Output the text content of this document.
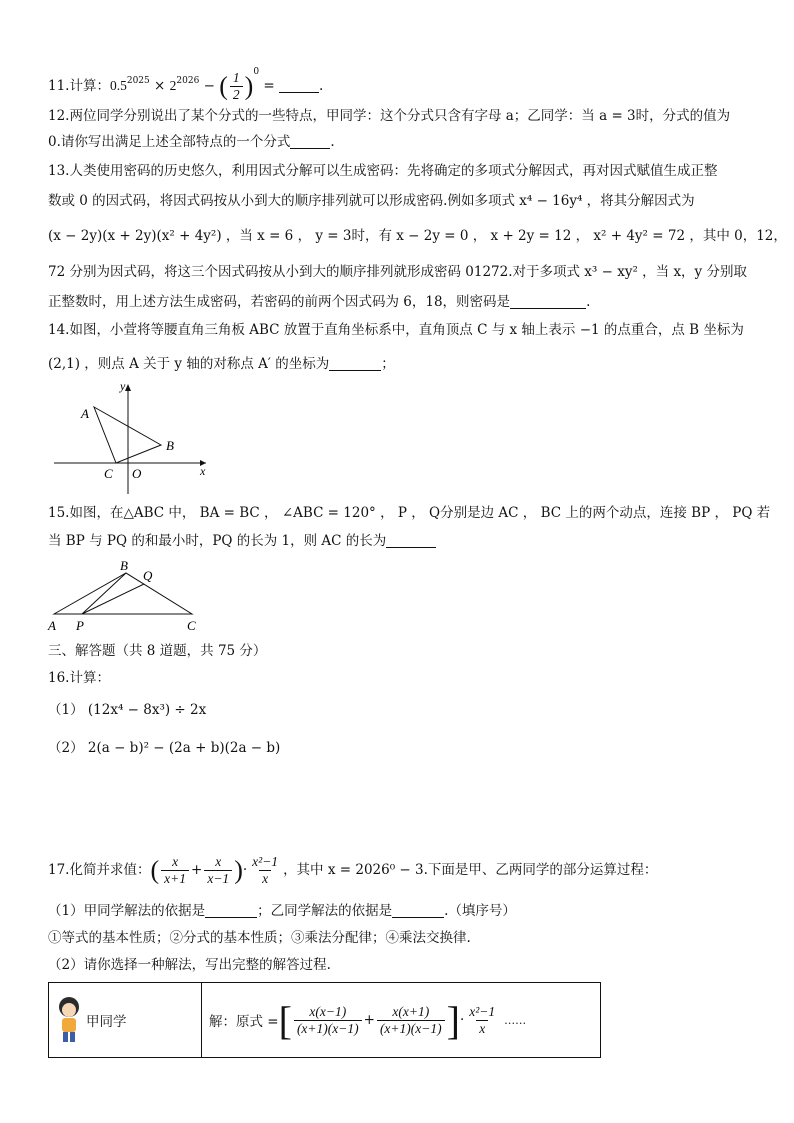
11.计算：$0.5^{2025} \times 2^{2026}$ − ( $\frac{1}{2} )^0$ =	.
12.两位同学分别说出了某个分式的一些特点，甲同学：这个分式只含有字母 a；乙同学：当 a = 3时，分式的值为
0.请你写出满足上述全部特点的一个分式	.
13.人类使用密码的历史悠久，利用因式分解可以生成密码：先将确定的多项式分解因式，再对因式赋值生成正整
数或 0 的因式码，将因式码按从小到大的顺序排列就可以形成密码.例如多项式 x⁴ − 16y⁴ ，将其分解因式为
(x − 2y)(x + 2y)(x² + 4y²) ，当 x = 6 ， y = 3时，有 x − 2y = 0 ， x + 2y = 12 ， x² + 4y² = 72 ，其中 0，12，
72 分别为因式码，将这三个因式码按从小到大的顺序排列就形成密码 01272.对于多项式 x³ − xy² ，当 x，y 分别取
正整数时，用上述方法生成密码，若密码的前两个因式码为 6，18，则密码是	.
14.如图，小萱将等腰直角三角板 ABC 放置于直角坐标系中，直角顶点 C 与 x 轴上表示 −1 的点重合，点 B 坐标为
(2,1) ，则点 A 关于 y 轴的对称点 A′ 的坐标为	；
y
x
A
B
C O
15.如图，在△ABC 中， BA = BC ， ∠ABC = 120° ， P ， Q分别是边 AC ， BC 上的两个动点，连接 BP ， PQ 若
当 BP 与 PQ 的和最小时，PQ 的长为 1，则 AC 的长为
B
Q
A P	C
三、解答题（共 8 道题，共 75 分）
16.计算：
（1） (12x⁴ − 8x³) ÷ 2x
（2） 2(a − b)² − (2a + b)(2a − b)
17.化简并求值：( $\frac{x}{x+1} + \frac{x}{x-1}$ )· $\frac{\text{x²−1}}{x}$ ，其中 x = 2026⁰ − 3.下面是甲、乙两同学的部分运算过程：
（1）甲同学解法的依据是	；乙同学解法的依据是	.（填序号）
①等式的基本性质；②分式的基本性质；③乘法分配律；④乘法交换律.
（2）请你选择一种解法，写出完整的解答过程.
甲同学	解：原式 = [ $\frac{x(x-1)}{(x+1)(x-1)} + \frac{x(x+1)}{(x+1)(x-1)}$ ] · $\frac{\text{x²−1}}{x}$ ……
